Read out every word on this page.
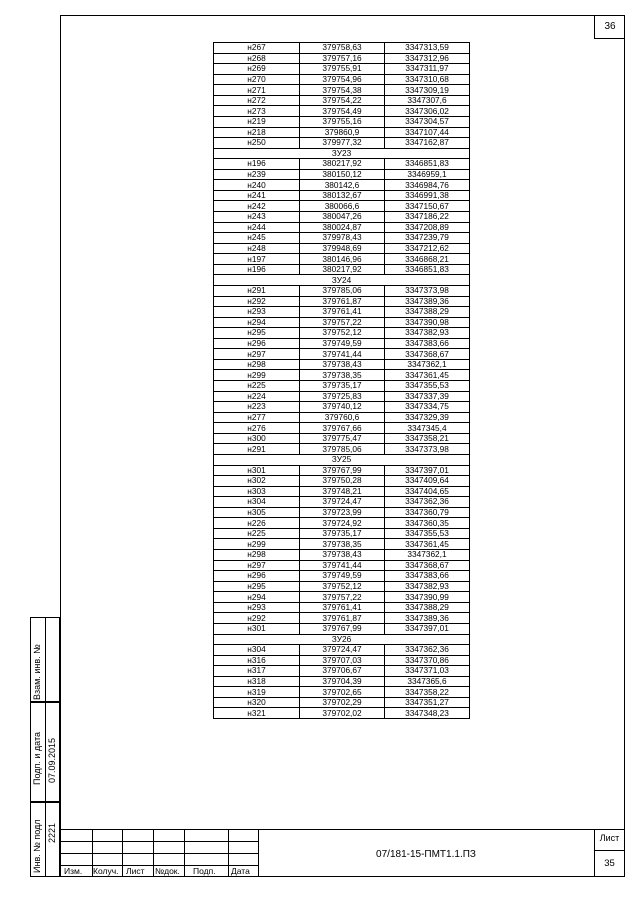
36
н267	379758,63	3347313,59
н268	379757,16	3347312,96
н269	379755,91	3347311,97
н270	379754,96	3347310,68
н271	379754,38	3347309,19
н272	379754,22	3347307,6
н273	379754,49	3347306,02
н219	379755,16	3347304,57
н218	379860,9	3347107,44
н250	379977,32	3347162,87
ЗУ23		
н196	380217,92	3346851,83
н239	380150,12	3346959,1
н240	380142,6	3346984,76
н241	380132,67	3346991,38
н242	380066,6	3347150,67
н243	380047,26	3347186,22
н244	380024,87	3347208,89
н245	379978,43	3347239,79
н248	379948,69	3347212,62
н197	380146,96	3346868,21
н196	380217,92	3346851,83
ЗУ24		
н291	379785,06	3347373,98
н292	379761,87	3347389,36
н293	379761,41	3347388,29
н294	379757,22	3347390,98
н295	379752,12	3347382,93
н296	379749,59	3347383,66
н297	379741,44	3347368,67
н298	379738,43	3347362,1
н299	379738,35	3347361,45
н225	379735,17	3347355,53
н224	379725,83	3347337,39
н223	379740,12	3347334,75
н277	379760,6	3347329,39
н276	379767,66	3347345,4
н300	379775,47	3347358,21
н291	379785,06	3347373,98
ЗУ25		
н301	379767,99	3347397,01
н302	379750,28	3347409,64
н303	379748,21	3347404,65
н304	379724,47	3347362,36
н305	379723,99	3347360,79
н226	379724,92	3347360,35
н225	379735,17	3347355,53
н299	379738,35	3347361,45
н298	379738,43	3347362,1
н297	379741,44	3347368,67
н296	379749,59	3347383,66
н295	379752,12	3347382,93
н294	379757,22	3347390,99
н293	379761,41	3347388,29
н292	379761,87	3347389,36
н301	379767,99	3347397,01
ЗУ26		
н304	379724,47	3347362,36
н316	379707,03	3347370,86
н317	379706,67	3347371,03
н318	379704,39	3347365,6
н319	379702,65	3347358,22
н320	379702,29	3347351,27
н321	379702,02	3347348,23
Взам. инв. №
Подп. и дата 07.09.2015
Инв. № подл 2221
Изм. Колуч. Лист №док. Подп. Дата
07/181-15-ПМТ1.1.ПЗ
Лист
35
